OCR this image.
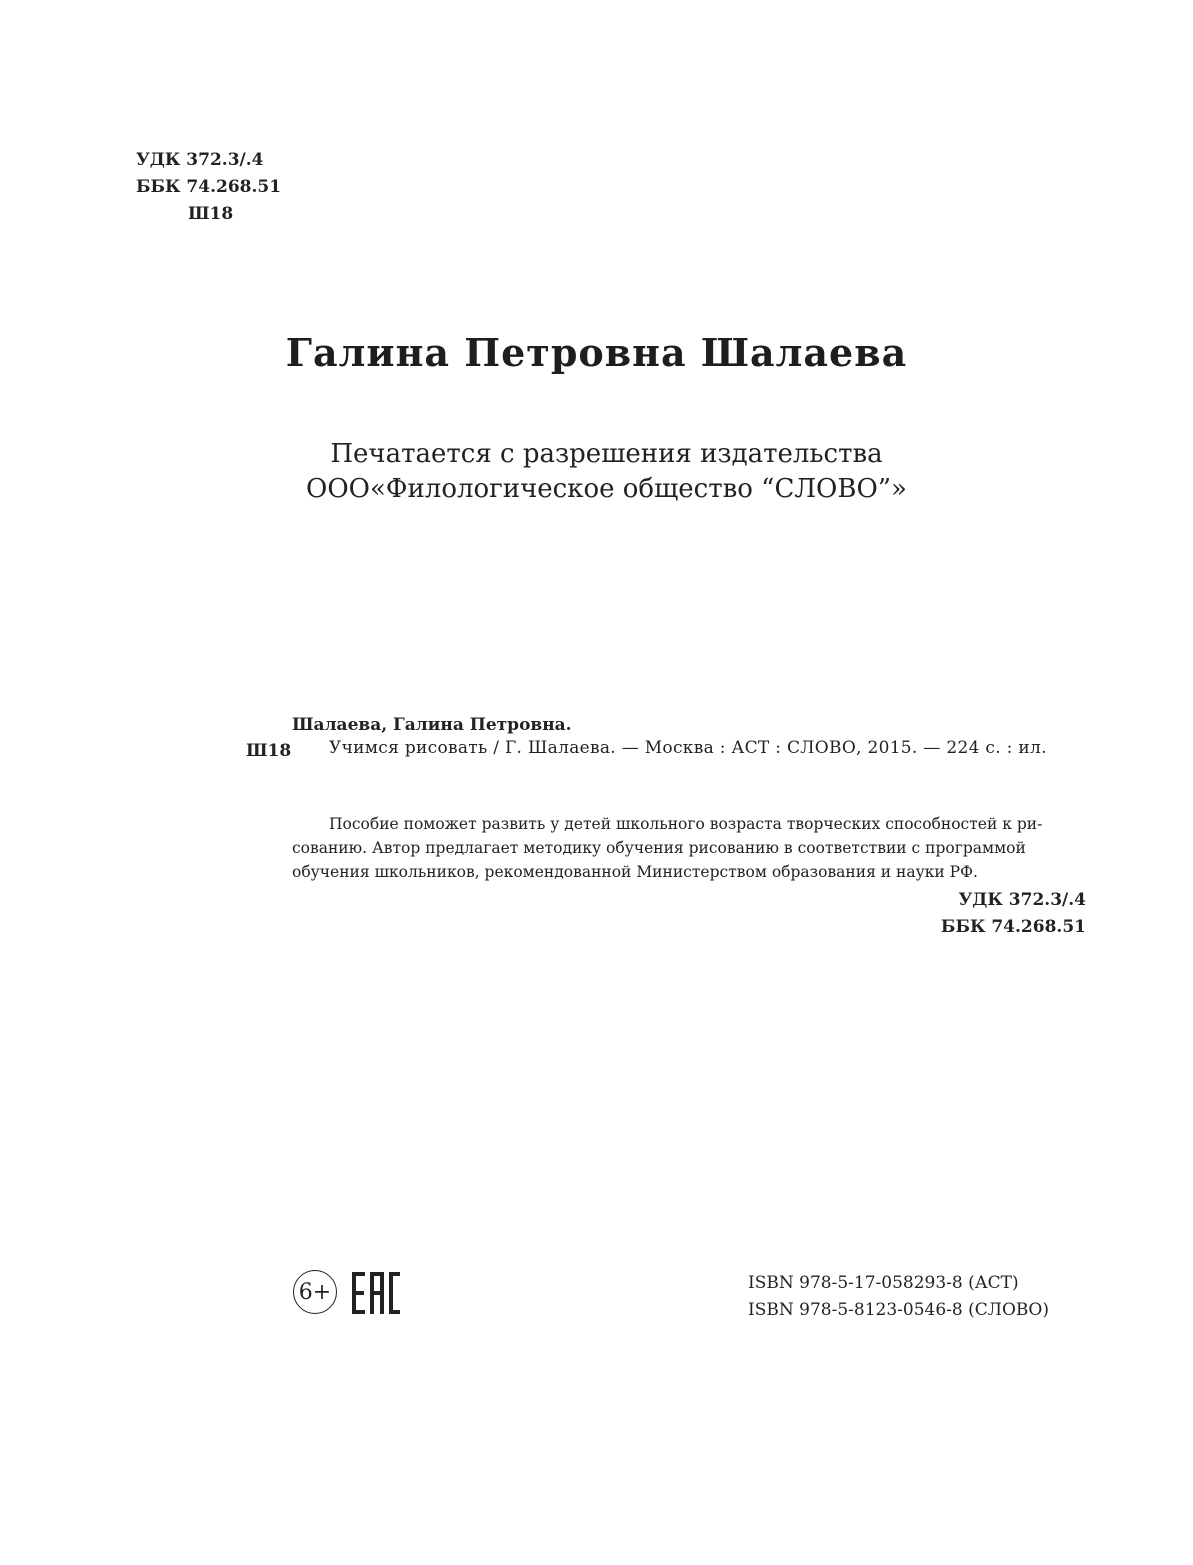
УДК 372.3/.4
ББК 74.268.51
Ш18
Галина Петровна Шалаева
Печатается с разрешения издательства
ООО«Филологическое общество “СЛОВО”»
Шалаева, Галина Петровна.
Ш18 Учимся рисовать / Г. Шалаева. — Москва : АСТ : СЛОВО, 2015. — 224 с. : ил.
Пособие поможет развить у детей школьного возраста творческих способностей к ри-
сованию. Автор предлагает методику обучения рисованию в соответствии с программой
обучения школьников, рекомендованной Министерством образования и науки РФ.
УДК 372.3/.4
ББК 74.268.51
6+	ISBN 978-5-17-058293-8 (АСТ)
ISBN 978-5-8123-0546-8 (СЛОВО)
